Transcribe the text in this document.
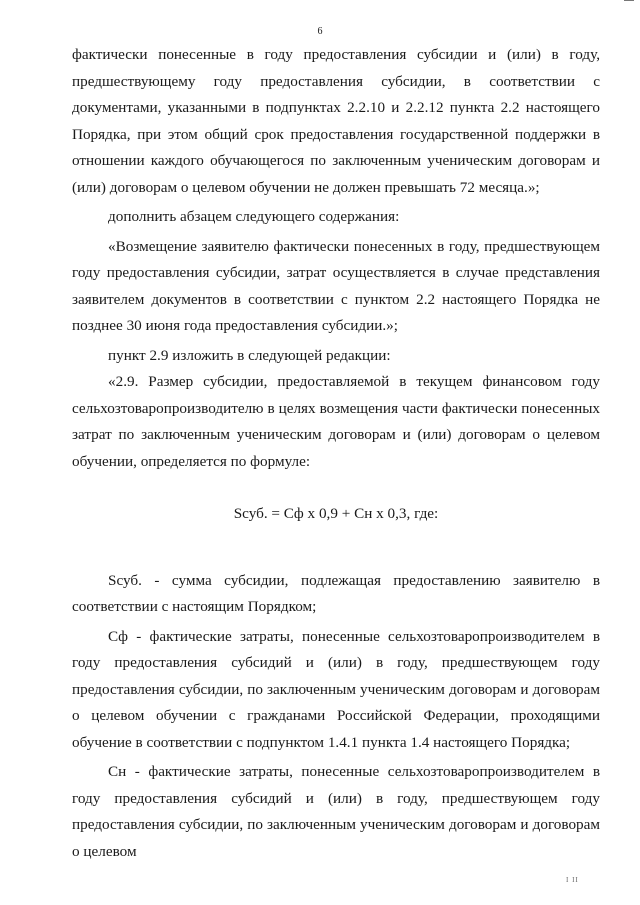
6

фактически понесенные в году предоставления субсидии и (или) в году, предшествующему году предоставления субсидии, в соответствии с документами, указанными в подпунктах 2.2.10 и 2.2.12 пункта 2.2 настоящего Порядка, при этом общий срок предоставления государственной поддержки в отношении каждого обучающегося по заключенным ученическим договорам и (или) договорам о целевом обучении не должен превышать 72 месяца.»;

дополнить абзацем следующего содержания:

«Возмещение заявителю фактически понесенных в году, предшествующем году предоставления субсидии, затрат осуществляется в случае представления заявителем документов в соответствии с пунктом 2.2 настоящего Порядка не позднее 30 июня года предоставления субсидии.»;

пункт 2.9 изложить в следующей редакции:

«2.9. Размер субсидии, предоставляемой в текущем финансовом году сельхозтоваропроизводителю в целях возмещения части фактически понесенных затрат по заключенным ученическим договорам и (или) договорам о целевом обучении, определяется по формуле:

Sсуб. = Сф x 0,9 + Сн x 0,3, где:

Sсуб. - сумма субсидии, подлежащая предоставлению заявителю в соответствии с настоящим Порядком;

Сф - фактические затраты, понесенные сельхозтоваропроизводителем в году предоставления субсидий и (или) в году, предшествующем году предоставления субсидии, по заключенным ученическим договорам и договорам о целевом обучении с гражданами Российской Федерации, проходящими обучение в соответствии с подпунктом 1.4.1 пункта 1.4 настоящего Порядка;

Сн - фактические затраты, понесенные сельхозтоваропроизводителем в году предоставления субсидий и (или) в году, предшествующем году предоставления субсидии, по заключенным ученическим договорам и договорам о целевом

I II
